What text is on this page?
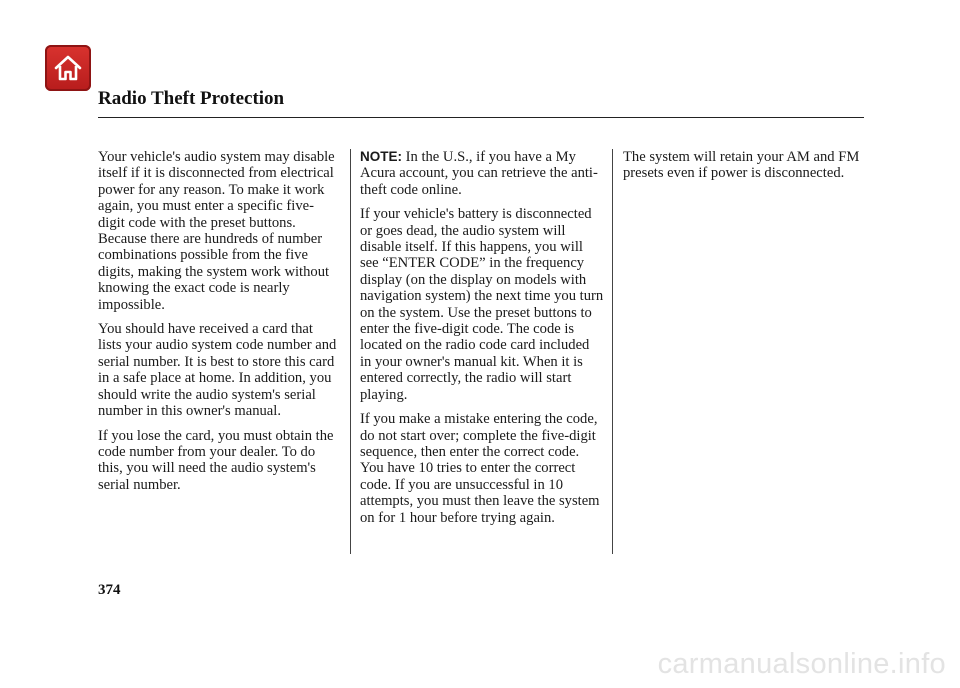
Radio Theft Protection

Your vehicle's audio system may disable itself if it is disconnected from electrical power for any reason. To make it work again, you must enter a specific five-digit code with the preset buttons. Because there are hundreds of number combinations possible from the five digits, making the system work without knowing the exact code is nearly impossible.

You should have received a card that lists your audio system code number and serial number. It is best to store this card in a safe place at home. In addition, you should write the audio system's serial number in this owner's manual.

If you lose the card, you must obtain the code number from your dealer. To do this, you will need the audio system's serial number.

NOTE: In the U.S., if you have a My Acura account, you can retrieve the anti-theft code online.

If your vehicle's battery is disconnected or goes dead, the audio system will disable itself. If this happens, you will see “ENTER CODE” in the frequency display (on the display on models with navigation system) the next time you turn on the system. Use the preset buttons to enter the five-digit code. The code is located on the radio code card included in your owner's manual kit. When it is entered correctly, the radio will start playing.

If you make a mistake entering the code, do not start over; complete the five-digit sequence, then enter the correct code. You have 10 tries to enter the correct code. If you are unsuccessful in 10 attempts, you must then leave the system on for 1 hour before trying again.

The system will retain your AM and FM presets even if power is disconnected.

374
carmanualsonline.info
